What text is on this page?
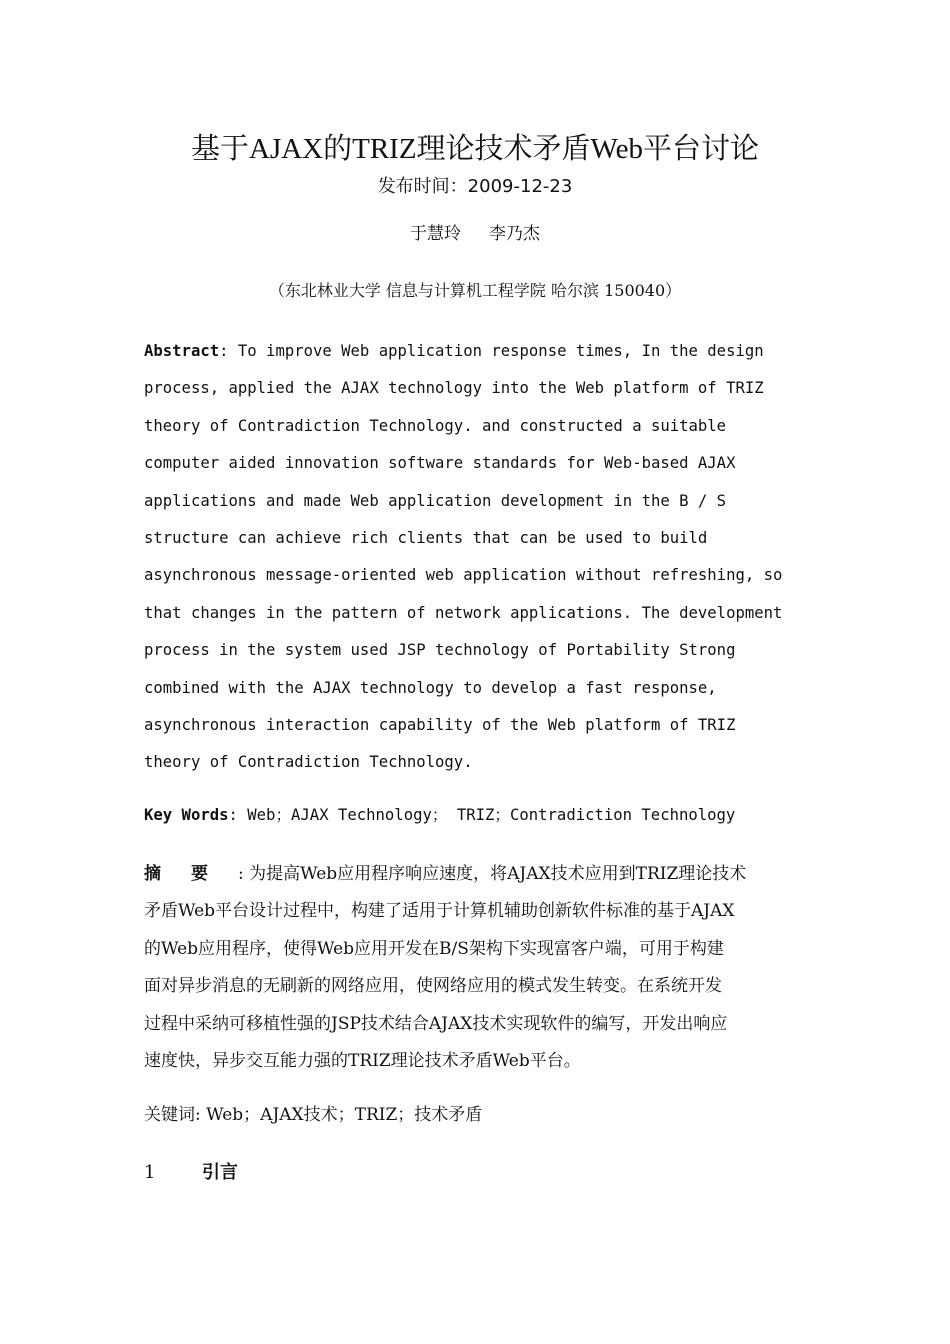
基于AJAX的TRIZ理论技术矛盾Web平台讨论
发布时间：2009-12-23
于慧玲 李乃杰
（东北林业大学 信息与计算机工程学院 哈尔滨 150040）
Abstract: To improve Web application response times, In the design
process, applied the AJAX technology into the Web platform of TRIZ
theory of Contradiction Technology. and constructed a suitable
computer aided innovation software standards for Web-based AJAX
applications and made Web application development in the B / S
structure can achieve rich clients that can be used to build
asynchronous message-oriented web application without refreshing, so
that changes in the pattern of network applications. The development
process in the system used JSP technology of Portability Strong
combined with the AJAX technology to develop a fast response,
asynchronous interaction capability of the Web platform of TRIZ
theory of Contradiction Technology.
Key Words: Web；AJAX Technology； TRIZ；Contradiction Technology
摘要: 为提高Web应用程序响应速度，将AJAX技术应用到TRIZ理论技术
矛盾Web平台设计过程中，构建了适用于计算机辅助创新软件标准的基于AJAX
的Web应用程序，使得Web应用开发在B/S架构下实现富客户端，可用于构建
面对异步消息的无刷新的网络应用，使网络应用的模式发生转变。在系统开发
过程中采纳可移植性强的JSP技术结合AJAX技术实现软件的编写，开发出响应
速度快，异步交互能力强的TRIZ理论技术矛盾Web平台。
关键词: Web；AJAX技术；TRIZ；技术矛盾
1	引言
